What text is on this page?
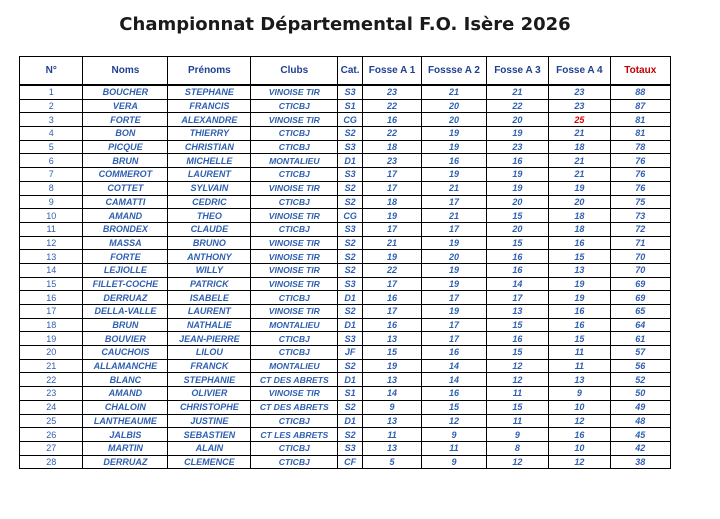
Championnat Départemental F.O. Isère 2026
N°	Noms	Prénoms	Clubs	Cat.	Fosse A 1	Fossse A 2	Fosse A 3	Fosse A 4	Totaux
1	BOUCHER	STEPHANE	VINOISE TIR	S3	23	21	21	23	88
2	VERA	FRANCIS	CTICBJ	S1	22	20	22	23	87
3	FORTE	ALEXANDRE	VINOISE TIR	CG	16	20	20	25	81
4	BON	THIERRY	CTICBJ	S2	22	19	19	21	81
5	PICQUE	CHRISTIAN	CTICBJ	S3	18	19	23	18	78
6	BRUN	MICHELLE	MONTALIEU	D1	23	16	16	21	76
7	COMMEROT	LAURENT	CTICBJ	S3	17	19	19	21	76
8	COTTET	SYLVAIN	VINOISE TIR	S2	17	21	19	19	76
9	CAMATTI	CEDRIC	CTICBJ	S2	18	17	20	20	75
10	AMAND	THEO	VINOISE TIR	CG	19	21	15	18	73
11	BRONDEX	CLAUDE	CTICBJ	S3	17	17	20	18	72
12	MASSA	BRUNO	VINOISE TIR	S2	21	19	15	16	71
13	FORTE	ANTHONY	VINOISE TIR	S2	19	20	16	15	70
14	LEJIOLLE	WILLY	VINOISE TIR	S2	22	19	16	13	70
15	FILLET-COCHE	PATRICK	VINOISE TIR	S3	17	19	14	19	69
16	DERRUAZ	ISABELE	CTICBJ	D1	16	17	17	19	69
17	DELLA-VALLE	LAURENT	VINOISE TIR	S2	17	19	13	16	65
18	BRUN	NATHALIE	MONTALIEU	D1	16	17	15	16	64
19	BOUVIER	JEAN-PIERRE	CTICBJ	S3	13	17	16	15	61
20	CAUCHOIS	LILOU	CTICBJ	JF	15	16	15	11	57
21	ALLAMANCHE	FRANCK	MONTALIEU	S2	19	14	12	11	56
22	BLANC	STEPHANIE	CT DES ABRETS	D1	13	14	12	13	52
23	AMAND	OLIVIER	VINOISE TIR	S1	14	16	11	9	50
24	CHALOIN	CHRISTOPHE	CT DES ABRETS	S2	9	15	15	10	49
25	LANTHEAUME	JUSTINE	CTICBJ	D1	13	12	11	12	48
26	JALBIS	SEBASTIEN	CT LES ABRETS	S2	11	9	9	16	45
27	MARTIN	ALAIN	CTICBJ	S3	13	11	8	10	42
28	DERRUAZ	CLEMENCE	CTICBJ	CF	5	9	12	12	38
